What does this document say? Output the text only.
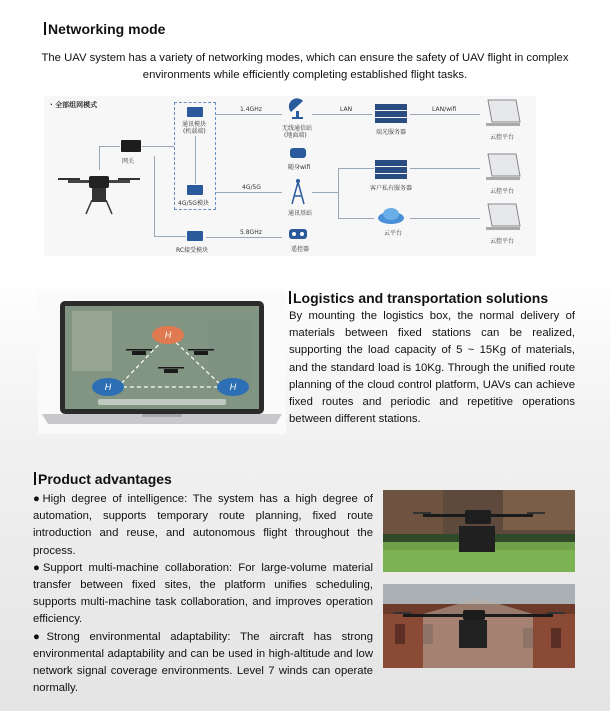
Networking mode
The UAV system has a variety of networking modes, which can ensure the safety of UAV flight in complex environments while efficiently completing established flight tasks.
· 全部组网模式
网关
通讯模块
(机载端)
4G/5G模块
RC接受模块
1.4GHz
4G/5G
5.8GHz
无线通信站
(地面端)
随身wifi
通讯基站
遥控器
LAN
端光服务器
LAN/wifi
客户私有服务器
云平台
云控平台
云控平台
云控平台
H
H	H
Logistics and transportation solutions
By mounting the logistics box, the normal delivery of materials between fixed stations can be realized, supporting the load capacity of 5 ~ 15Kg of materials, and the standard load is 10Kg. Through the unified route planning of the cloud control platform, UAVs can achieve fixed routes and periodic and repetitive operations between different stations.
Product advantages
●High degree of intelligence: The system has a high degree of automation, supports temporary route planning, fixed route introduction and reuse, and autonomous flight throughout the process.
●Support multi-machine collaboration: For large-volume material transfer between fixed sites, the platform unifies scheduling, supports multi-machine task collaboration, and improves operation efficiency.
●Strong environmental adaptability: The aircraft has strong environmental adaptability and can be used in high-altitude and low network signal coverage environments. Level 7 winds can operate normally.
